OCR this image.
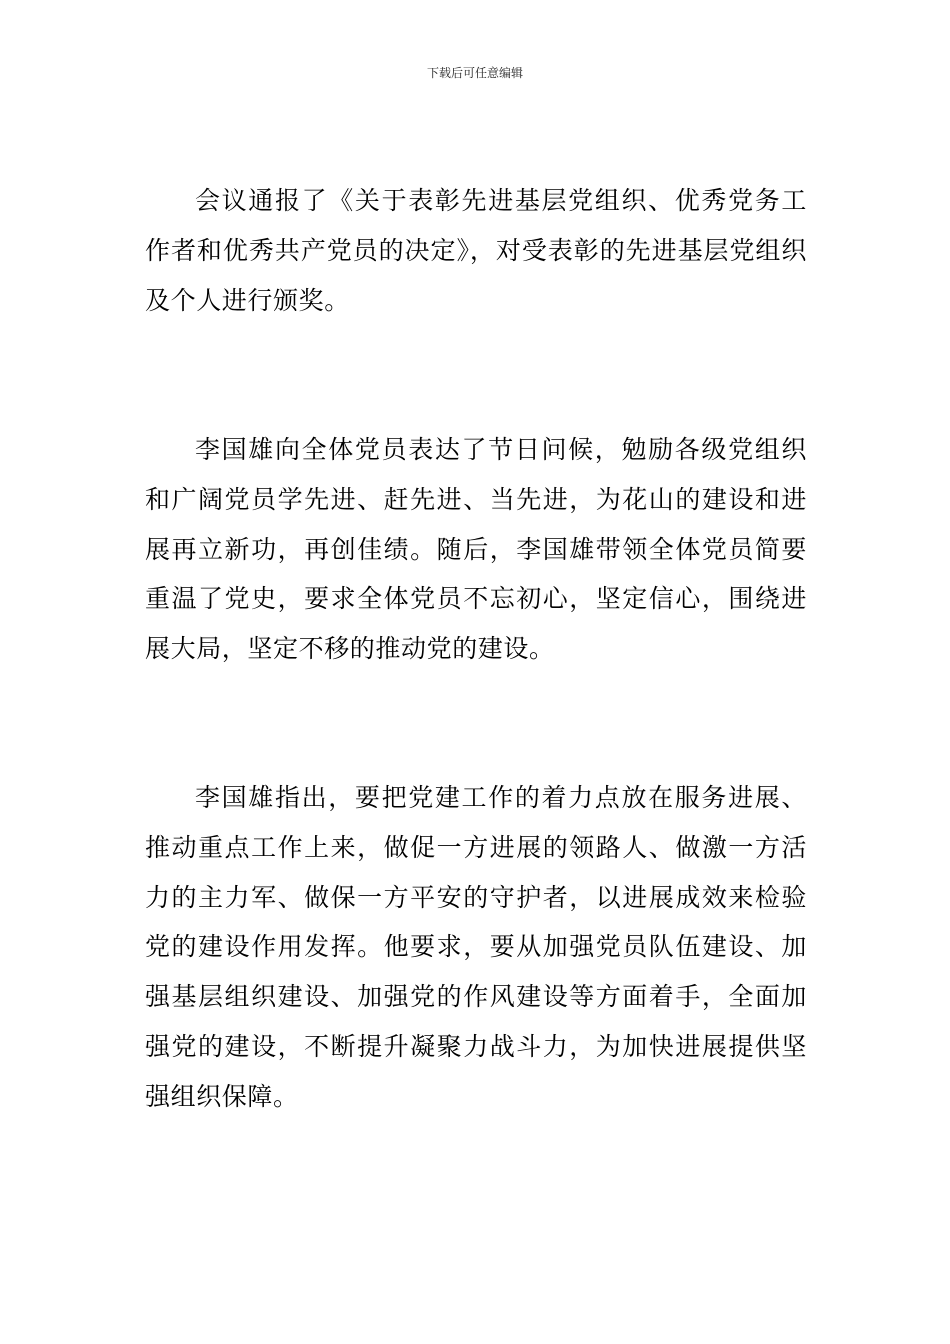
下载后可任意编辑

会议通报了《关于表彰先进基层党组织、优秀党务工作者和优秀共产党员的决定》，对受表彰的先进基层党组织及个人进行颁奖。

李国雄向全体党员表达了节日问候，勉励各级党组织和广阔党员学先进、赶先进、当先进，为花山的建设和进展再立新功，再创佳绩。随后，李国雄带领全体党员简要重温了党史，要求全体党员不忘初心，坚定信心，围绕进展大局，坚定不移的推动党的建设。

李国雄指出，要把党建工作的着力点放在服务进展、推动重点工作上来，做促一方进展的领路人、做激一方活力的主力军、做保一方平安的守护者，以进展成效来检验党的建设作用发挥。他要求，要从加强党员队伍建设、加强基层组织建设、加强党的作风建设等方面着手，全面加强党的建设，不断提升凝聚力战斗力，为加快进展提供坚强组织保障。
